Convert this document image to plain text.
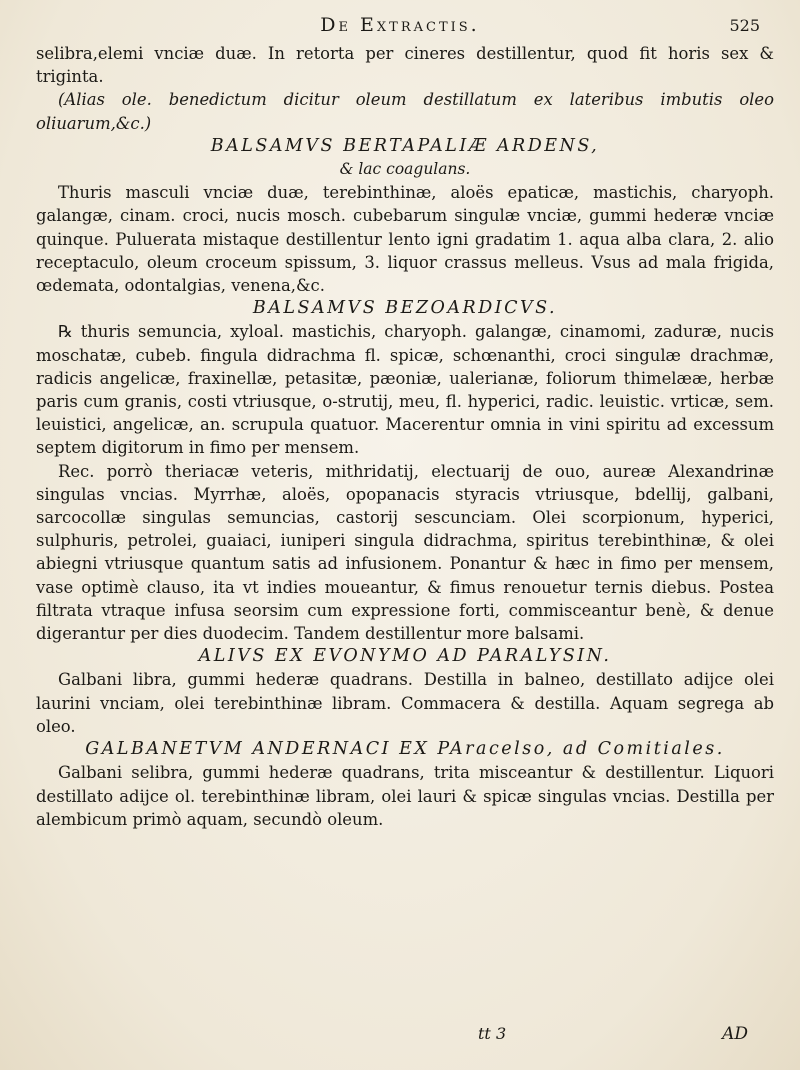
De Extractis.	525

selibra,elemi vnciæ duæ. In retorta per cineres destillentur, quod fit horis sex & triginta.

(Alias ole. benedictum dicitur oleum destillatum ex lateribus imbutis oleo oliuarum,&c.)

BALSAMVS BERTAPALIÆ ARDENS,

& lac coagulans.

Thuris masculi vnciæ duæ, terebinthinæ, aloës epaticæ, mastichis, charyoph. galangæ, cinam. croci, nucis mosch. cubebarum singulæ vnciæ, gummi hederæ vnciæ quinque. Puluerata mistaque destillentur lento igni gradatim 1. aqua alba clara, 2. alio receptaculo, oleum croceum spissum, 3. liquor crassus melleus. Vsus ad mala frigida, œdemata, odontalgias, venena,&c.

BALSAMVS BEZOARDICVS.

℞ thuris semuncia, xyloal. mastichis, charyoph. galangæ, cinamomi, zaduræ, nucis moschatæ, cubeb. fingula didrachma fl. spicæ, schœnanthi, croci singulæ drachmæ, radicis angelicæ, fraxinellæ, petasitæ, pæoniæ, ualerianæ, foliorum thimelææ, herbæ paris cum granis, costi vtriusque, o-strutij, meu, fl. hyperici, radic. leuistic. vrticæ, sem. leuistici, angelicæ, an. scrupula quatuor. Macerentur omnia in vini spiritu ad excessum septem digitorum in fimo per mensem.

Rec. porrò theriacæ veteris, mithridatij, electuarij de ouo, aureæ Alexandrinæ singulas vncias. Myrrhæ, aloës, opopanacis styracis vtriusque, bdellij, galbani, sarcocollæ singulas semuncias, castorij sescunciam. Olei scorpionum, hyperici, sulphuris, petrolei, guaiaci, iuniperi singula didrachma, spiritus terebinthinæ, & olei abiegni vtriusque quantum satis ad infusionem. Ponantur & hæc in fimo per mensem, vase optimè clauso, ita vt indies moueantur, & fimus renouetur ternis diebus. Postea filtrata vtraque infusa seorsim cum expressione forti, commisceantur benè, & denue digerantur per dies duodecim. Tandem destillentur more balsami.

ALIVS EX EVONYMO AD PARALYSIN.

Galbani libra, gummi hederæ quadrans. Destilla in balneo, destillato adijce olei laurini vnciam, olei terebinthinæ libram. Commacera & destilla. Aquam segrega ab oleo.

GALBANETVM ANDERNACI EX PAracelso, ad Comitiales.

Galbani selibra, gummi hederæ quadrans, trita misceantur & destillentur. Liquori destillato adijce ol. terebinthinæ libram, olei lauri & spicæ singulas vncias. Destilla per alembicum primò aquam, secundò oleum.

tt 3	AD
